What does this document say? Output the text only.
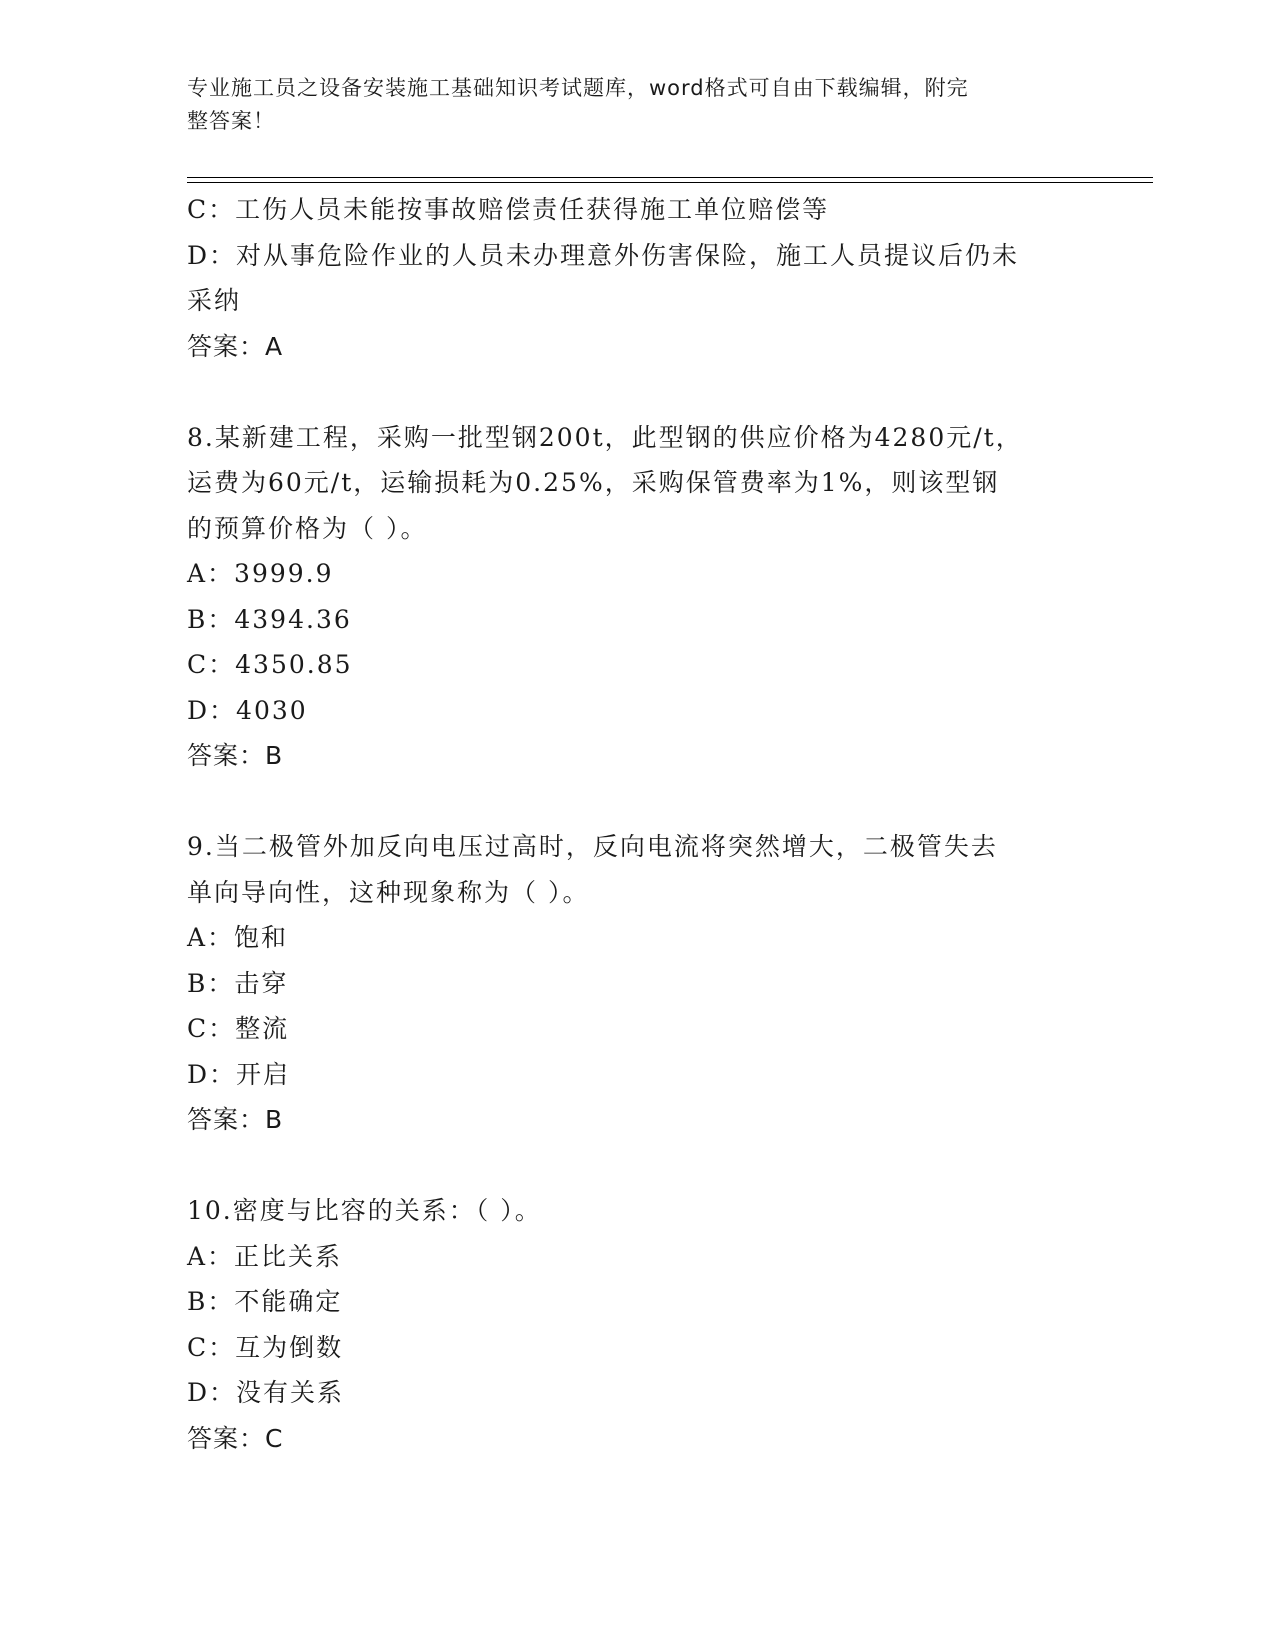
专业施工员之设备安装施工基础知识考试题库，word格式可自由下载编辑，附完
整答案！
C：工伤人员未能按事故赔偿责任获得施工单位赔偿等
D：对从事危险作业的人员未办理意外伤害保险，施工人员提议后仍未
采纳
答案：A
8.某新建工程，采购一批型钢200t，此型钢的供应价格为4280元/t，
运费为60元/t，运输损耗为0.25%，采购保管费率为1%，则该型钢
的预算价格为（ ）。
A：3999.9
B：4394.36
C：4350.85
D：4030
答案：B
9.当二极管外加反向电压过高时，反向电流将突然增大，二极管失去
单向导向性，这种现象称为（ ）。
A：饱和
B：击穿
C：整流
D：开启
答案：B
10.密度与比容的关系：（ ）。
A：正比关系
B：不能确定
C：互为倒数
D：没有关系
答案：C
